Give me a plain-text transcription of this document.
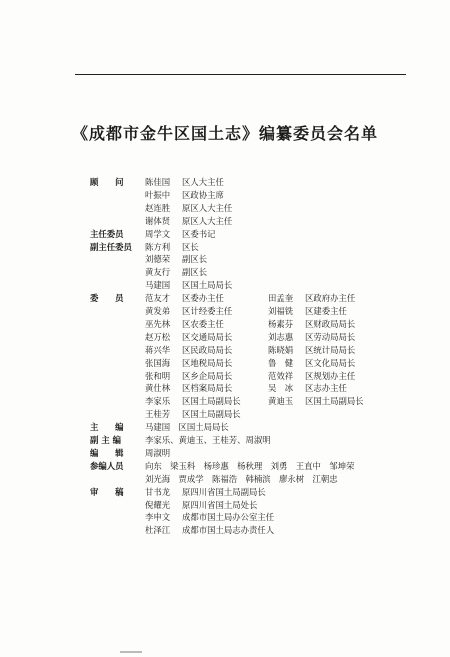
《成都市金牛区国土志》编纂委员会名单
顾　　问	陈佳国 区人大主任
叶振中 区政协主席
赵连胜 原区人大主任
谢体贤 原区人大主任
主任委员	周学文 区委书记
副主任委员 陈方利 区长
刘德荣 副区长
黄友行 副区长
马建国 区国土局局长
委　　员	范友才 区委办主任	田孟奎 区政府办主任
黄发弟 区计经委主任	刘福铣 区建委主任
巫先林 区农委主任	杨素芬 区财政局局长
赵万松 区交通局局长	刘志惠 区劳动局局长
蒋兴华 区民政局局长	陈晓娟 区统计局局长
张国海 区地税局局长	鲁　健 区文化局局长
张和明 区乡企局局长	范效祥 区规划办主任
黄仕林 区档案局局长	吴　冰 区志办主任
李家乐 区国土局副局长	黄迪玉 区国土局副局长
王桂芳 区国土局副局长
主　　编	马建国　区国土局局长
副 主 编	李家乐、黄迪玉、王桂芳、周淑明
编　　辑	周淑明
参编人员	向东　梁玉科　杨珍惠　杨秋理　刘勇　王直中　邹坤荣
刘光海　贾成学　陈福浩　韩楠滨　廖永树　江朝忠
审　　稿	甘书龙 原四川省国土局副局长
倪耀光 原四川省国土局处长
李申文 成都市国土局办公室主任
杜泽江 成都市国土局志办责任人
